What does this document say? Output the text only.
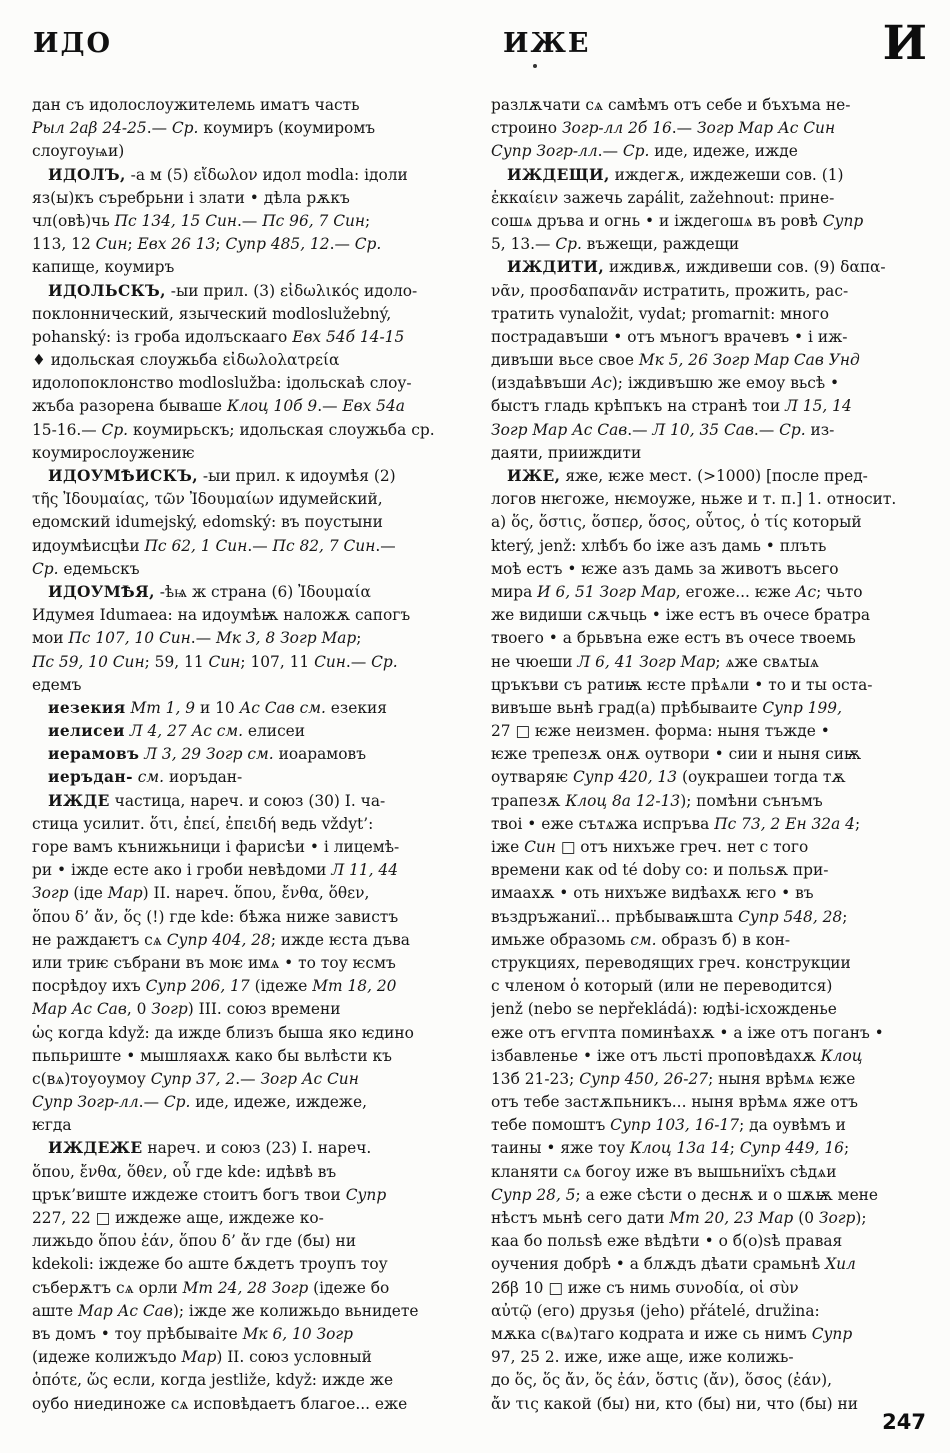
ИДО	ИЖЕ	И
дан съ идолослоужителемь иматъ часть
Рыл 2аβ 24-25.— Ср. коумиръ (коумиромъ
слоугоуѩи)
ИДОЛЪ, -а м (5) εἴδωλον идол modla: ідоли
яз(ы)къ съребрьни і злати • дѣла рѫкъ
чл(овѣ)чь Пс 134, 15 Син.— Пс 96, 7 Син;
113, 12 Син; Евх 26 13; Супр 485, 12.— Ср.
капище, коумиръ
ИДОЛЬСКЪ, -ыи прил. (3) εἰδωλικός идоло-
поклоннический, языческий modloslužebný,
pohanský: із гроба идолъскааго Евх 54б 14-15
♦ идольская слоужьба εἰδωλολατρεία
идолопоклонство modloslužba: ідольскаѣ слоу-
жъба разорена бываше Клоц 10б 9.— Евх 54а
15-16.— Ср. коумирьскъ; идольская слоужьба ср.
коумирослоужениѥ
ИДОУМѢИСКЪ, -ыи прил. к идоумѣя (2)
τῆς Ἰδουμαίας, τῶν Ἰδουμαίων идумейский,
едомский idumejský, edomský: въ поустыни
идоумѣисцѣи Пс 62, 1 Син.— Пс 82, 7 Син.—
Ср. едемьскъ
ИДОУМѢЯ, -ѣѩ ж страна (6) Ἰδουμαία
Идумея Idumaea: на идоумѣѭ наложѫ сапогъ
мои Пс 107, 10 Син.— Мк 3, 8 Зогр Мар;
Пс 59, 10 Син; 59, 11 Син; 107, 11 Син.— Ср.
едемъ
иезекия Мт 1, 9 и 10 Ас Сав см. езекия
иелисеи Л 4, 27 Ас см. елисеи
иерамовъ Л 3, 29 Зогр см. иоарамовъ
иеръдан- см. иоръдан-
ИЖДЕ частица, нареч. и союз (30) I. ча-
стица усилит. ὅτι, ἐπεί, ἐπειδή ведь vždyt’:
горе вамъ кънижьници і фарисѣи • і лицемѣ-
ри • іжде есте ако і гроби невѣдоми Л 11, 44
Зогр (іде Мар) II. нареч. ὅπου, ἔνθα, ὅθεν,
ὅπου δ’ ἄν, ὅς (!) где kde: бѣжа ниже завистъ
не раждаѥтъ сѧ Супр 404, 28; ижде ѥста дъва
или триѥ събрани въ моѥ имѧ • то тоу ѥсмъ
посрѣдоу ихъ Супр 206, 17 (ідеже Мт 18, 20
Мар Ас Сав, 0 Зогр) III. союз времени
ὡς когда když: да ижде близъ быша яко ѥдино
пьпьриште • мышляахѫ како бы вьлѣсти къ
с(вѧ)тоуоумоу Супр 37, 2.— Зогр Ас Син
Супр Зогр-лл.— Ср. иде, идеже, иждеже,
ѥгда
ИЖДЕЖЕ нареч. и союз (23) I. нареч.
ὅπου, ἔνθα, ὅθεν, οὗ где kde: идѣвѣ въ
црък’виште иждеже стоитъ богъ твои Супр
227, 22 □ иждеже аще, иждеже ко-
лижьдо ὅπου ἐάν, ὅπου δ’ ἄν где (бы) ни
kdekoli: іждеже бо аште бѫдетъ троупъ тоу
съберѫтъ сѧ орли Мт 24, 28 Зогр (ідеже бо
аште Мар Ас Сав); іжде же колижьдо вьнидете
въ домъ • тоу прѣбываіте Мк 6, 10 Зогр
(идеже колижъдо Мар) II. союз условный
ὁπότε, ὥς если, когда jestliže, když: ижде же
оубо ниединоже сѧ исповѣдаетъ благое... еже
разлѫчати сѧ самѣмъ отъ себе и бъхъма не-
строино Зогр-лл 2б 16.— Зогр Мар Ас Син
Супр Зогр-лл.— Ср. иде, идеже, ижде
ИЖДЕЩИ, иждегѫ, иждежеши сов. (1)
ἐκκαίειν зажечь zapálit, zažehnout: прине-
сошѧ дръва и огнь • и іждегошѧ въ ровѣ Супр
5, 13.— Ср. въжещи, раждещи
ИЖДИТИ, иждивѫ, иждивеши сов. (9) δαπα-
νᾶν, προσδαπανᾶν истратить, прожить, рас-
тратить vynaložit, vydat; promarnit: много
пострадавъши • отъ мъногъ врачевъ • і иж-
дивъши вьсе свое Мк 5, 26 Зогр Мар Сав Унд
(издаѣвъши Ас); іждивъшю же емоу вьсѣ •
быстъ гладь крѣпъкъ на странѣ тои Л 15, 14
Зогр Мар Ас Сав.— Л 10, 35 Сав.— Ср. из-
даяти, прииждити
ИЖЕ, яже, ѥже мест. (>1000) [после пред-
логов нѥгоже, нѥмоуже, ньже и т. п.] 1. относит.
а) ὅς, ὅστις, ὅσπερ, ὅσος, οὗτος, ὁ τίς который
který, jenž: хлѣбъ бо іже азъ дамь • плъть
моѣ естъ • ѥже азъ дамь за животъ вьсего
мира И 6, 51 Зогр Мар, егоже... ѥже Ас; чьто
же видиши сѫчьць • іже естъ въ очесе братра
твоего • а брьвъна еже естъ въ очесе твоемь
не чюеши Л 6, 41 Зогр Мар; ѧже свѧтыѧ
цръкъви съ ратиѭ ѥсте прѣѧли • то и ты оста-
вивъше вьнѣ град(а) прѣбываите Супр 199,
27 □ ѥже неизмен. форма: ныня тъжде •
ѥже трепезѫ онѫ оутвори • сии и ныня сиѭ
оутваряѥ Супр 420, 13 (оукрашеи тогда тѫ
трапезѫ Клоц 8а 12-13); помѣни сънъмъ
твоі • еже сътѧжа испръва Пс 73, 2 Ен 32а 4;
іже Син □ отъ нихъже греч. нет с того
времени как od té doby co: и польѕѫ при-
имаахѫ • оть нихъже видѣахѫ ѥго • въ
въздръжаниї... прѣбываѭшта Супр 548, 28;
имьже образомь см. образъ б) в кон-
струкциях, переводящих греч. конструкции
с членом ὁ который (или не переводится)
jenž (nebo se nepřekládá): юдѣі-ісхожденье
еже отъ егѵпта поминѣахѫ • а іже отъ поганъ •
ізбавленье • іже отъ льсті проповѣдахѫ Клоц
13б 21-23; Супр 450, 26-27; ныня врѣмѧ ѥже
отъ тебе застѫпьникъ... ныня врѣмѧ яже отъ
тебе помоштъ Супр 103, 16-17; да оувѣмъ и
таины • яже тоу Клоц 13а 14; Супр 449, 16;
кланяти сѧ богоу иже въ вышьниїхъ сѣдѧи
Супр 28, 5; а еже сѣсти о деснѫ и о шѫѭ мене
нѣстъ мьнѣ сего дати Мт 20, 23 Мар (0 Зогр);
каа бо польѕѣ еже вѣдѣти • о б(о)ѕѣ правая
оучения добрѣ • а блѫдъ дѣати срамьнѣ Хил
2бβ 10 □ иже съ нимь συνοδία, οἱ σὺν
αὐτῷ (его) друзья (jeho) přátelé, družina:
мѫка с(вѧ)таго кодрата и иже сь нимъ Супр
97, 25 2. иже, иже аще, иже колижь-
до ὅς, ὅς ἄν, ὅς ἐάν, ὅστις (ἄν), ὅσος (ἐάν),
ἄν τις какой (бы) ни, кто (бы) ни, что (бы) ни
247
